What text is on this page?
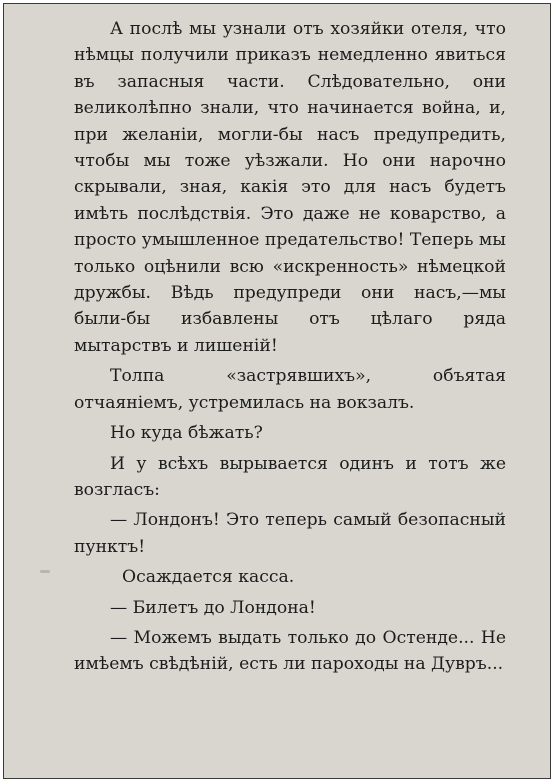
А послѣ мы узнали отъ хозяйки отеля, что нѣмцы получили приказъ немедленно явиться въ запасныя части. Слѣдовательно, они великолѣпно знали, что начинается война, и, при желаніи, могли-бы насъ предупредить, чтобы мы тоже уѣзжали. Но они нарочно скрывали, зная, какія это для насъ будетъ имѣть послѣдствія. Это даже не коварство, а просто умышленное предательство! Теперь мы только оцѣнили всю «искренность» нѣмецкой дружбы. Вѣдь предупреди они насъ,—мы были-бы избавлены отъ цѣлаго ряда мытарствъ и лишеній!

Толпа «застрявшихъ», объятая отчаяніемъ, устремилась на вокзалъ.

Но куда бѣжать?

И у всѣхъ вырывается одинъ и тотъ же возгласъ:

— Лондонъ! Это теперь самый безопасный пунктъ!

Осаждается касса.

— Билетъ до Лондона!

— Можемъ выдать только до Остенде... Не имѣемъ свѣдѣній, есть ли пароходы на Дувръ...
